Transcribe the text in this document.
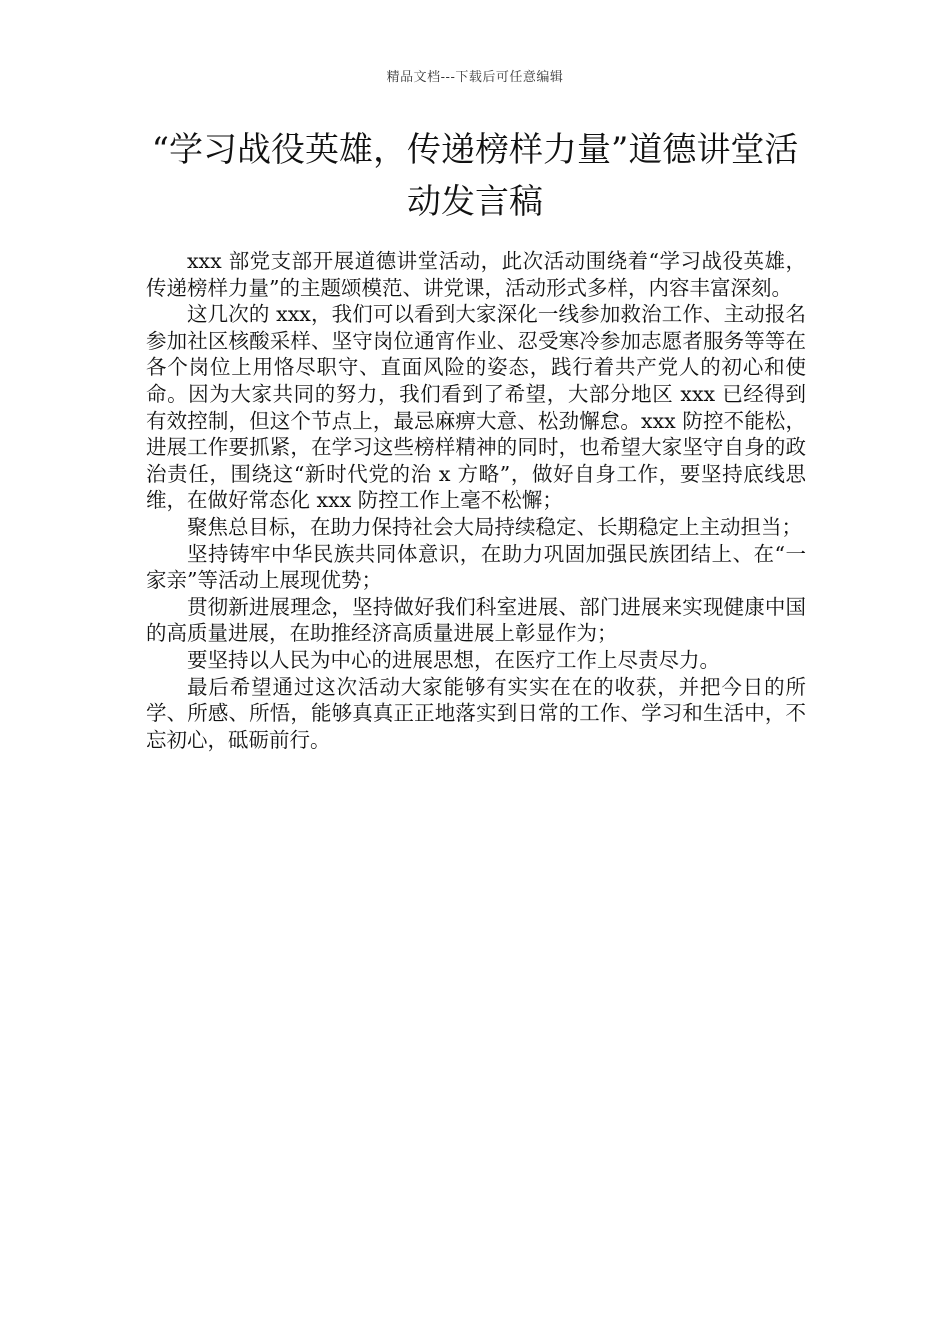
精品文档---下载后可任意编辑
“学习战役英雄，传递榜样力量”道德讲堂活动发言稿

xxx 部党支部开展道德讲堂活动，此次活动围绕着“学习战役英雄，传递榜样力量”的主题颂模范、讲党课，活动形式多样，内容丰富深刻。

这几次的 xxx，我们可以看到大家深化一线参加救治工作、主动报名参加社区核酸采样、坚守岗位通宵作业、忍受寒冷参加志愿者服务等等在各个岗位上用恪尽职守、直面风险的姿态，践行着共产党人的初心和使命。因为大家共同的努力，我们看到了希望，大部分地区 xxx 已经得到有效控制，但这个节点上，最忌麻痹大意、松劲懈怠。xxx 防控不能松，进展工作要抓紧，在学习这些榜样精神的同时，也希望大家坚守自身的政治责任，围绕这“新时代党的治 x 方略”，做好自身工作，要坚持底线思维，在做好常态化 xxx 防控工作上毫不松懈；

聚焦总目标，在助力保持社会大局持续稳定、长期稳定上主动担当；

坚持铸牢中华民族共同体意识，在助力巩固加强民族团结上、在“一家亲”等活动上展现优势；

贯彻新进展理念，坚持做好我们科室进展、部门进展来实现健康中国的高质量进展，在助推经济高质量进展上彰显作为；

要坚持以人民为中心的进展思想，在医疗工作上尽责尽力。

最后希望通过这次活动大家能够有实实在在的收获，并把今日的所学、所感、所悟，能够真真正正地落实到日常的工作、学习和生活中，不忘初心，砥砺前行。
